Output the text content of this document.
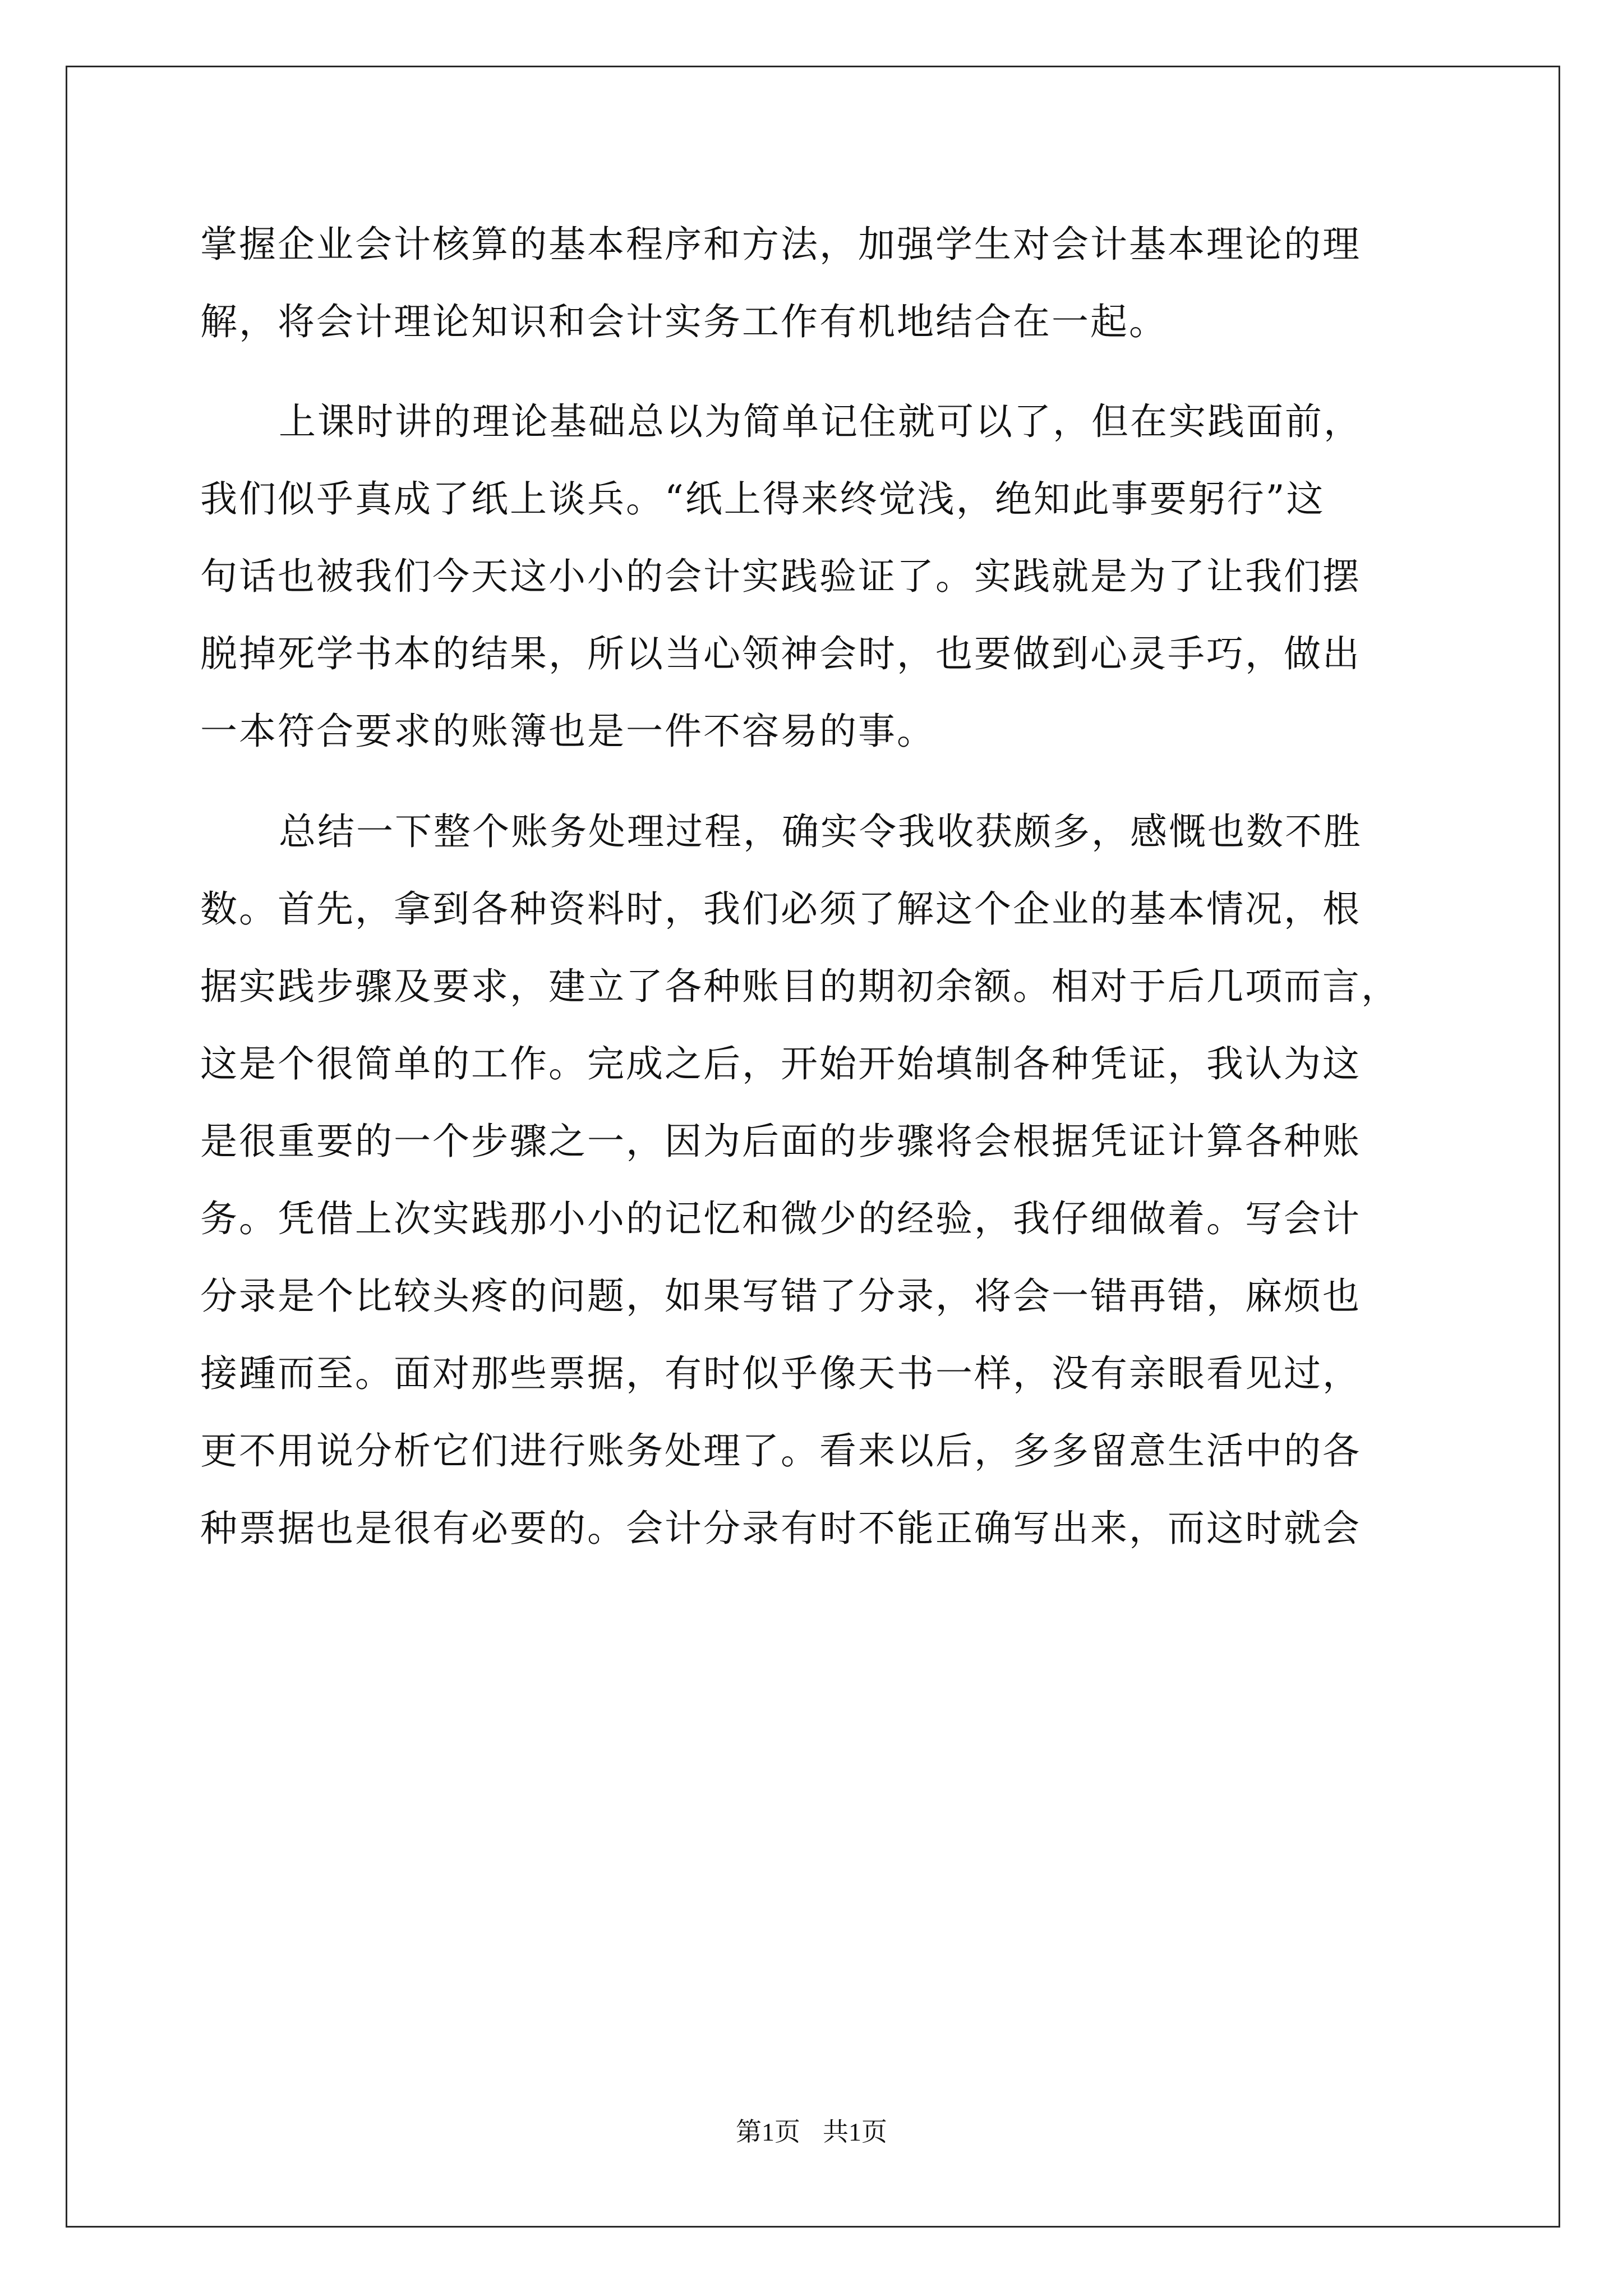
掌握企业会计核算的基本程序和方法，加强学生对会计基本理论的理
解，将会计理论知识和会计实务工作有机地结合在一起。
上课时讲的理论基础总以为简单记住就可以了，但在实践面前，
我们似乎真成了纸上谈兵。“纸上得来终觉浅，绝知此事要躬行”这
句话也被我们今天这小小的会计实践验证了。实践就是为了让我们摆
脱掉死学书本的结果，所以当心领神会时，也要做到心灵手巧，做出
一本符合要求的账簿也是一件不容易的事。
总结一下整个账务处理过程，确实令我收获颇多，感慨也数不胜
数。首先，拿到各种资料时，我们必须了解这个企业的基本情况，根
据实践步骤及要求，建立了各种账目的期初余额。相对于后几项而言，
这是个很简单的工作。完成之后，开始开始填制各种凭证，我认为这
是很重要的一个步骤之一，因为后面的步骤将会根据凭证计算各种账
务。凭借上次实践那小小的记忆和微少的经验，我仔细做着。写会计
分录是个比较头疼的问题，如果写错了分录，将会一错再错，麻烦也
接踵而至。面对那些票据，有时似乎像天书一样，没有亲眼看见过，
更不用说分析它们进行账务处理了。看来以后，多多留意生活中的各
种票据也是很有必要的。会计分录有时不能正确写出来，而这时就会
第1页 共1页
